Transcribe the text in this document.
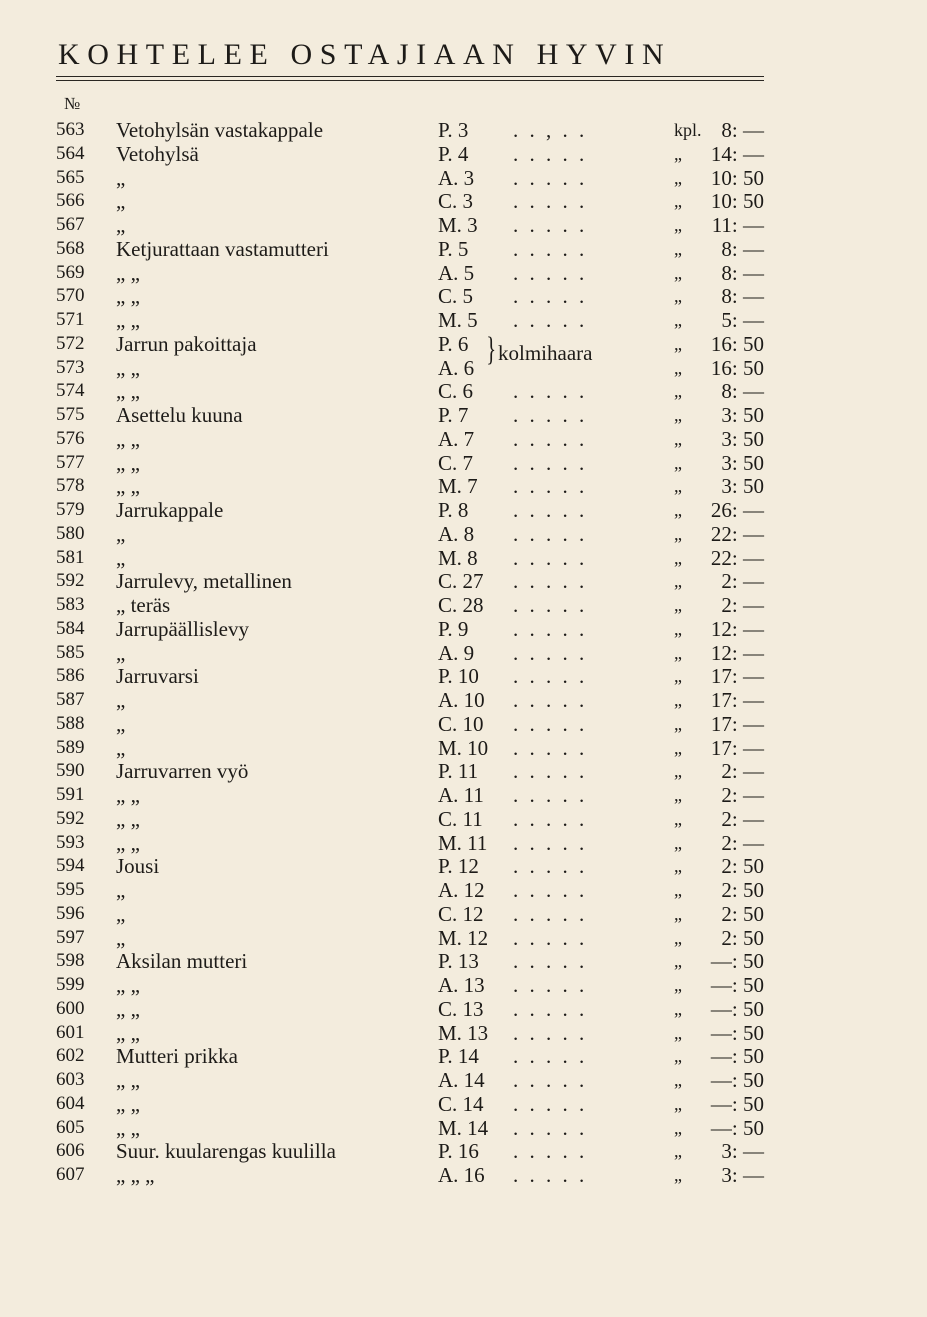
KOHTELEE OSTAJIAAN HYVIN
№
} kolmihaara
563 Vetohylsän vastakappale	P. 3 . . , . .	kpl. 8: —
564 Vetohylsä	P. 4 . . . . .	„ 14: —
565 „	A. 3 . . . . .	„ 10: 50
566 „	C. 3 . . . . .	„ 10: 50
567 „	M. 3 . . . . .	„ 11: —
568 Ketjurattaan vastamutteri	P. 5 . . . . .	„ 8: —
569 „ „	A. 5 . . . . .	„ 8: —
570 „ „	C. 5 . . . . .	„ 8: —
571 „ „	M. 5 . . . . .	„ 5: —
572 Jarrun pakoittaja	P. 6	„ 16: 50
573 „ „	A. 6	„ 16: 50
574 „ „	C. 6 . . . . .	„ 8: —
575 Asettelu kuuna	P. 7 . . . . .	„ 3: 50
576 „ „	A. 7 . . . . .	„ 3: 50
577 „ „	C. 7 . . . . .	„ 3: 50
578 „ „	M. 7 . . . . .	„ 3: 50
579 Jarrukappale	P. 8 . . . . .	„ 26: —
580 „	A. 8 . . . . .	„ 22: —
581 „	M. 8 . . . . .	„ 22: —
592 Jarrulevy, metallinen	C. 27 . . . . .	„ 2: —
583 „ teräs	C. 28 . . . . .	„ 2: —
584 Jarrupäällislevy	P. 9 . . . . .	„ 12: —
585 „	A. 9 . . . . .	„ 12: —
586 Jarruvarsi	P. 10 . . . . .	„ 17: —
587 „	A. 10 . . . . .	„ 17: —
588 „	C. 10 . . . . .	„ 17: —
589 „	M. 10 . . . . .	„ 17: —
590 Jarruvarren vyö	P. 11 . . . . .	„ 2: —
591 „ „	A. 11 . . . . .	„ 2: —
592 „ „	C. 11 . . . . .	„ 2: —
593 „ „	M. 11 . . . . .	„ 2: —
594 Jousi	P. 12 . . . . .	„ 2: 50
595 „	A. 12 . . . . .	„ 2: 50
596 „	C. 12 . . . . .	„ 2: 50
597 „	M. 12 . . . . .	„ 2: 50
598 Aksilan mutteri	P. 13 . . . . .	„ —: 50
599 „ „	A. 13 . . . . .	„ —: 50
600 „ „	C. 13 . . . . .	„ —: 50
601 „ „	M. 13 . . . . .	„ —: 50
602 Mutteri prikka	P. 14 . . . . .	„ —: 50
603 „ „	A. 14 . . . . .	„ —: 50
604 „ „	C. 14 . . . . .	„ —: 50
605 „ „	M. 14 . . . . .	„ —: 50
606 Suur. kuularengas kuulilla	P. 16 . . . . .	„ 3: —
607 „ „ „	A. 16 . . . . .	„ 3: —
